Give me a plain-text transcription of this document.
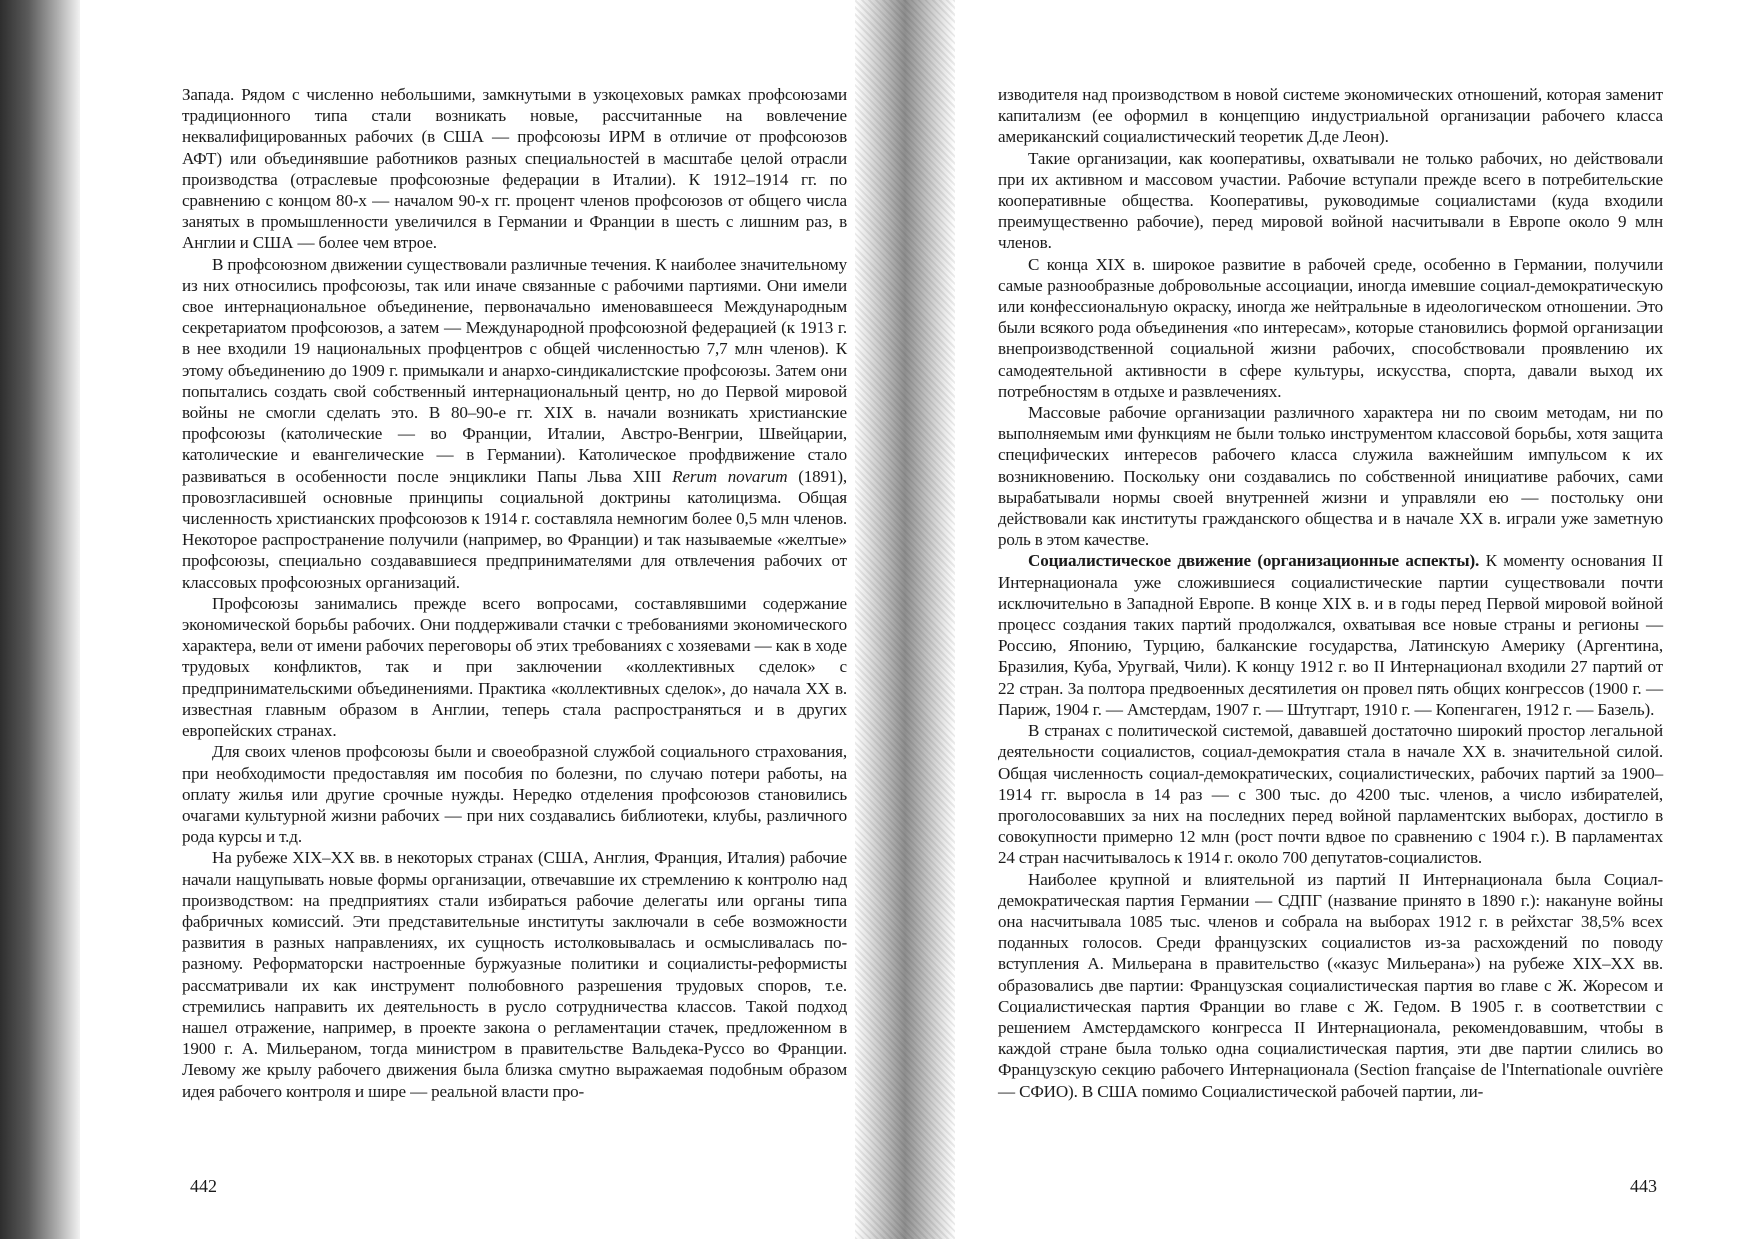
Запада. Рядом с численно небольшими, замкнутыми в узкоцеховых рамках профсоюзами традиционного типа стали возникать новые, рассчитанные на вовлечение неквалифицированных рабочих (в США — профсоюзы ИРМ в отличие от профсоюзов АФТ) или объединявшие работников разных специальностей в масштабе целой отрасли производства (отраслевые профсоюзные федерации в Италии). К 1912–1914 гг. по сравнению с концом 80-х — началом 90-х гг. процент членов профсоюзов от общего числа занятых в промышленности увеличился в Германии и Франции в шесть с лишним раз, в Англии и США — более чем втрое.

В профсоюзном движении существовали различные течения. К наиболее значительному из них относились профсоюзы, так или иначе связанные с рабочими партиями. Они имели свое интернациональное объединение, первоначально именовавшееся Международным секретариатом профсоюзов, а затем — Международной профсоюзной федерацией (к 1913 г. в нее входили 19 национальных профцентров с общей численностью 7,7 млн членов). К этому объединению до 1909 г. примыкали и анархо-синдикалистские профсоюзы. Затем они попытались создать свой собственный интернациональный центр, но до Первой мировой войны не смогли сделать это. В 80–90-е гг. XIX в. начали возникать христианские профсоюзы (католические — во Франции, Италии, Австро-Венгрии, Швейцарии, католические и евангелические — в Германии). Католическое профдвижение стало развиваться в особенности после энциклики Папы Льва XIII Rerum novarum (1891), провозгласившей основные принципы социальной доктрины католицизма. Общая численность христианских профсоюзов к 1914 г. составляла немногим более 0,5 млн членов. Некоторое распространение получили (например, во Франции) и так называемые «желтые» профсоюзы, специально создававшиеся предпринимателями для отвлечения рабочих от классовых профсоюзных организаций.

Профсоюзы занимались прежде всего вопросами, составлявшими содержание экономической борьбы рабочих. Они поддерживали стачки с требованиями экономического характера, вели от имени рабочих переговоры об этих требованиях с хозяевами — как в ходе трудовых конфликтов, так и при заключении «коллективных сделок» с предпринимательскими объединениями. Практика «коллективных сделок», до начала XX в. известная главным образом в Англии, теперь стала распространяться и в других европейских странах.

Для своих членов профсоюзы были и своеобразной службой социального страхования, при необходимости предоставляя им пособия по болезни, по случаю потери работы, на оплату жилья или другие срочные нужды. Нередко отделения профсоюзов становились очагами культурной жизни рабочих — при них создавались библиотеки, клубы, различного рода курсы и т.д.

На рубеже XIX–XX вв. в некоторых странах (США, Англия, Франция, Италия) рабочие начали нащупывать новые формы организации, отвечавшие их стремлению к контролю над производством: на предприятиях стали избираться рабочие делегаты или органы типа фабричных комиссий. Эти представительные институты заключали в себе возможности развития в разных направлениях, их сущность истолковывалась и осмысливалась по-разному. Реформаторски настроенные буржуазные политики и социалисты-реформисты рассматривали их как инструмент полюбовного разрешения трудовых споров, т.е. стремились направить их деятельность в русло сотрудничества классов. Такой подход нашел отражение, например, в проекте закона о регламентации стачек, предложенном в 1900 г. А. Мильераном, тогда министром в правительстве Вальдека-Руссо во Франции. Левому же крылу рабочего движения была близка смутно выражаемая подобным образом идея рабочего контроля и шире — реальной власти про-

442

изводителя над производством в новой системе экономических отношений, которая заменит капитализм (ее оформил в концепцию индустриальной организации рабочего класса американский социалистический теоретик Д.де Леон).

Такие организации, как кооперативы, охватывали не только рабочих, но действовали при их активном и массовом участии. Рабочие вступали прежде всего в потребительские кооперативные общества. Кооперативы, руководимые социалистами (куда входили преимущественно рабочие), перед мировой войной насчитывали в Европе около 9 млн членов.

С конца XIX в. широкое развитие в рабочей среде, особенно в Германии, получили самые разнообразные добровольные ассоциации, иногда имевшие социал-демократическую или конфессиональную окраску, иногда же нейтральные в идеологическом отношении. Это были всякого рода объединения «по интересам», которые становились формой организации внепроизводственной социальной жизни рабочих, способствовали проявлению их самодеятельной активности в сфере культуры, искусства, спорта, давали выход их потребностям в отдыхе и развлечениях.

Массовые рабочие организации различного характера ни по своим методам, ни по выполняемым ими функциям не были только инструментом классовой борьбы, хотя защита специфических интересов рабочего класса служила важнейшим импульсом к их возникновению. Поскольку они создавались по собственной инициативе рабочих, сами вырабатывали нормы своей внутренней жизни и управляли ею — постольку они действовали как институты гражданского общества и в начале XX в. играли уже заметную роль в этом качестве.

Социалистическое движение (организационные аспекты). К моменту основания II Интернационала уже сложившиеся социалистические партии существовали почти исключительно в Западной Европе. В конце XIX в. и в годы перед Первой мировой войной процесс создания таких партий продолжался, охватывая все новые страны и регионы — Россию, Японию, Турцию, балканские государства, Латинскую Америку (Аргентина, Бразилия, Куба, Уругвай, Чили). К концу 1912 г. во II Интернационал входили 27 партий от 22 стран. За полтора предвоенных десятилетия он провел пять общих конгрессов (1900 г. — Париж, 1904 г. — Амстердам, 1907 г. — Штутгарт, 1910 г. — Копенгаген, 1912 г. — Базель).

В странах с политической системой, дававшей достаточно широкий простор легальной деятельности социалистов, социал-демократия стала в начале XX в. значительной силой. Общая численность социал-демократических, социалистических, рабочих партий за 1900–1914 гг. выросла в 14 раз — с 300 тыс. до 4200 тыс. членов, а число избирателей, проголосовавших за них на последних перед войной парламентских выборах, достигло в совокупности примерно 12 млн (рост почти вдвое по сравнению с 1904 г.). В парламентах 24 стран насчитывалось к 1914 г. около 700 депутатов-социалистов.

Наиболее крупной и влиятельной из партий II Интернационала была Социал-демократическая партия Германии — СДПГ (название принято в 1890 г.): накануне войны она насчитывала 1085 тыс. членов и собрала на выборах 1912 г. в рейхстаг 38,5% всех поданных голосов. Среди французских социалистов из-за расхождений по поводу вступления А. Мильерана в правительство («казус Мильерана») на рубеже XIX–XX вв. образовались две партии: Французская социалистическая партия во главе с Ж. Жоресом и Социалистическая партия Франции во главе с Ж. Гедом. В 1905 г. в соответствии с решением Амстердамского конгресса II Интернационала, рекомендовавшим, чтобы в каждой стране была только одна социалистическая партия, эти две партии слились во Французскую секцию рабочего Интернационала (Section française de l'Internationale ouvrière — СФИО). В США помимо Социалистической рабочей партии, ли-

443
